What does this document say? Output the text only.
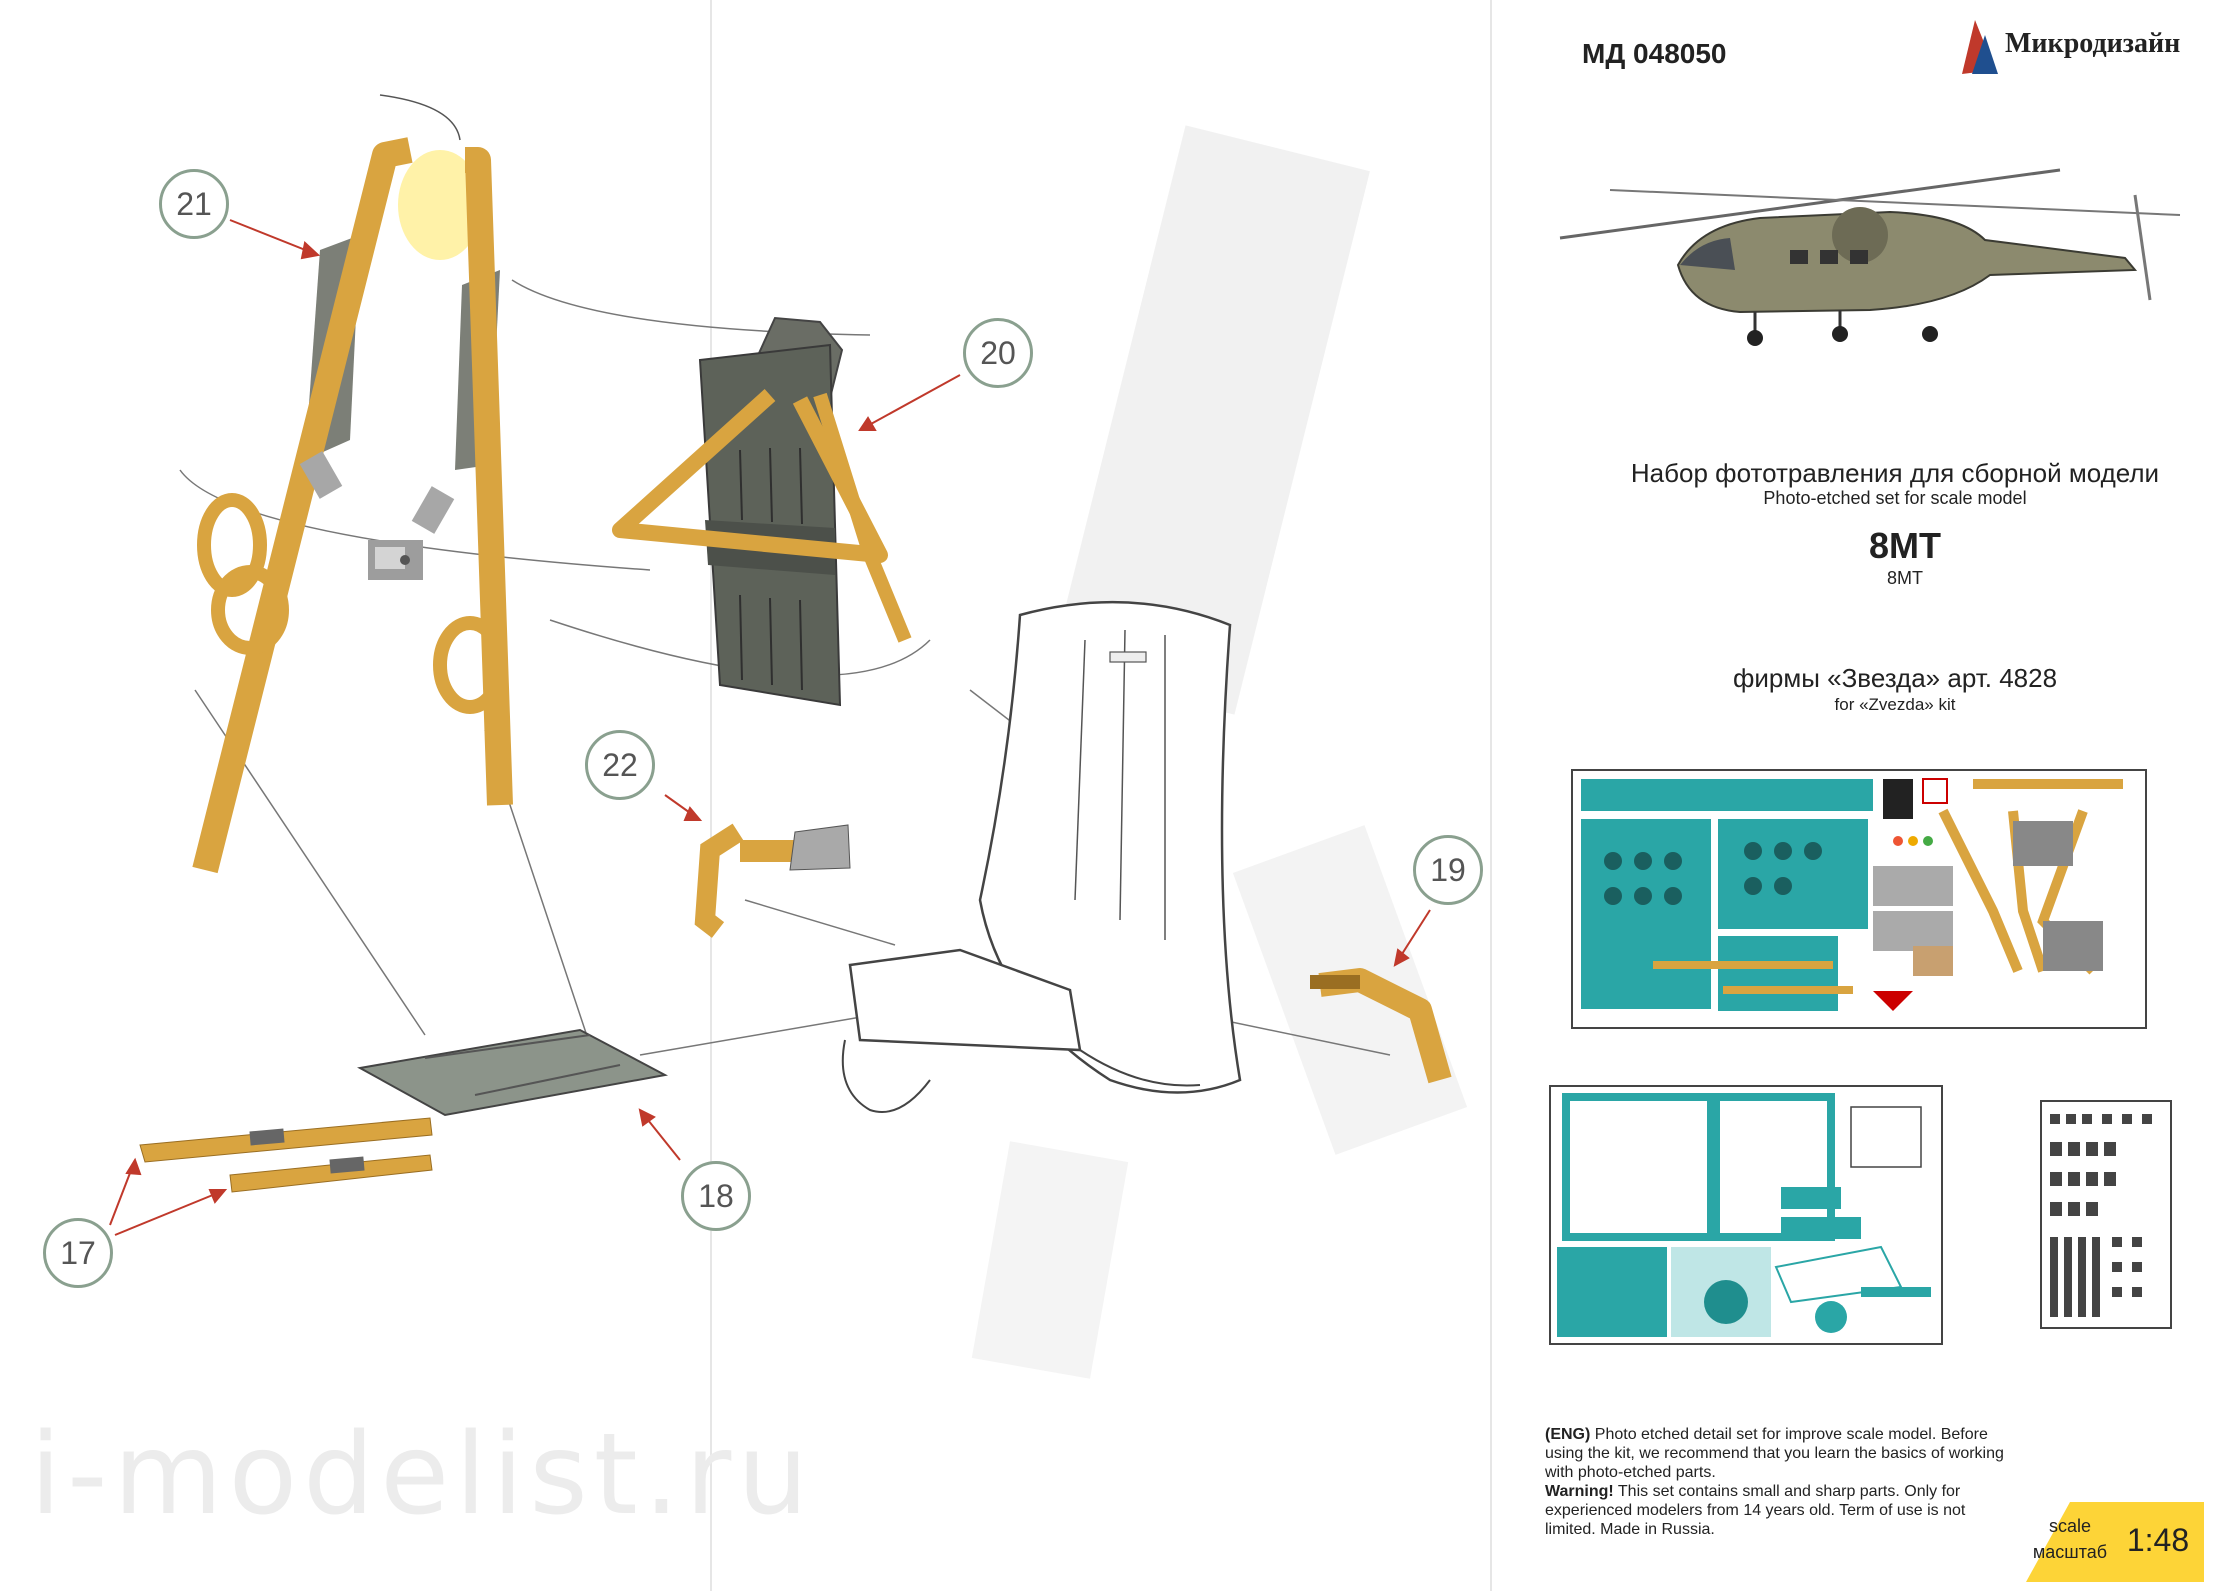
21
20
22
19
18
17
МД 048050	Микродизайн
Набор фототравления для сборной модели
Photo-etched set for scale model
8МТ
8MT
фирмы «Звезда» арт. 4828
for «Zvezda» kit
i-modelist.ru	(ENG) Photo etched detail set for improve scale model. Before using the kit, we recommend that you learn the basics of working with photo-etched parts.
Warning! This set contains small and sharp parts. Only for experienced modelers from 14 years old. Term of use is not limited. Made in Russia.	scale
масштаб 1:48
